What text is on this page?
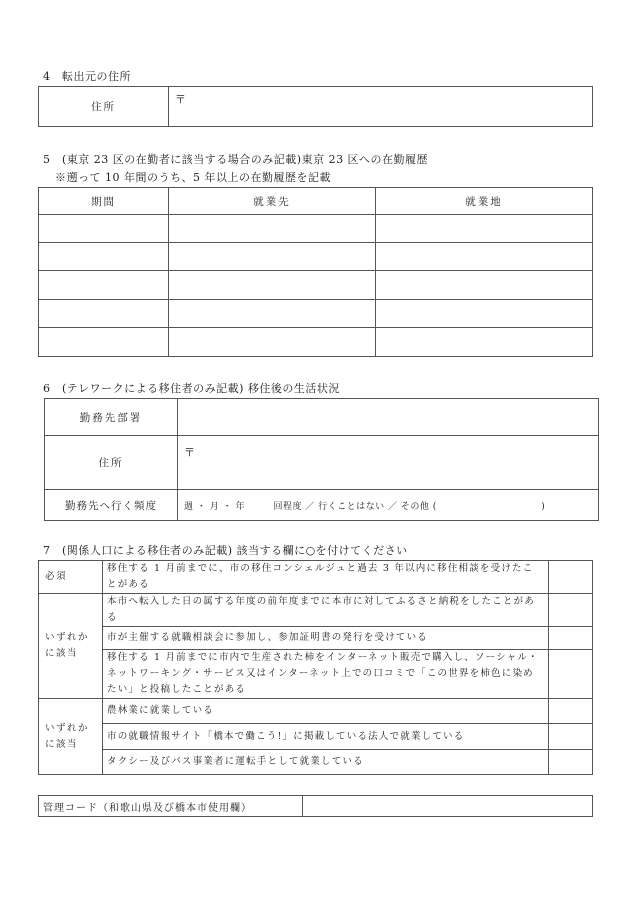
4　転出元の住所
住所	〒
5　(東京 23 区の在勤者に該当する場合のみ記載)東京 23 区への在勤履歴
※遡って 10 年間のうち、5 年以上の在勤履歴を記載
期間	就業先	就業地

6　(テレワークによる移住者のみ記載) 移住後の生活状況
勤務先部署	
住所	〒
勤務先へ行く頻度	週 ・ 月 ・ 年　　　回程度 ／ 行くことはない ／ その他 (　　　　　　　　　　　)
7　(関係人口による移住者のみ記載) 該当する欄に○を付けてください
必須	移住する 1 月前までに、市の移住コンシェルジュと過去 3 年以内に移住相談を受けたことがある	
いずれか に該当	本市へ転入した日の属する年度の前年度までに本市に対してふるさと納税をしたことがある	
	市が主催する就職相談会に参加し、参加証明書の発行を受けている	
	移住する 1 月前までに市内で生産された柿をインターネット販売で購入し、ソーシャル・ネットワーキング・サービス又はインターネット上での口コミで「この世界を柿色に染めたい」と投稿したことがある	
いずれか に該当	農林業に就業している	
	市の就職情報サイト「橋本で働こう!」に掲載している法人で就業している	
	タクシー及びバス事業者に運転手として就業している	
管理コード（和歌山県及び橋本市使用欄）	
